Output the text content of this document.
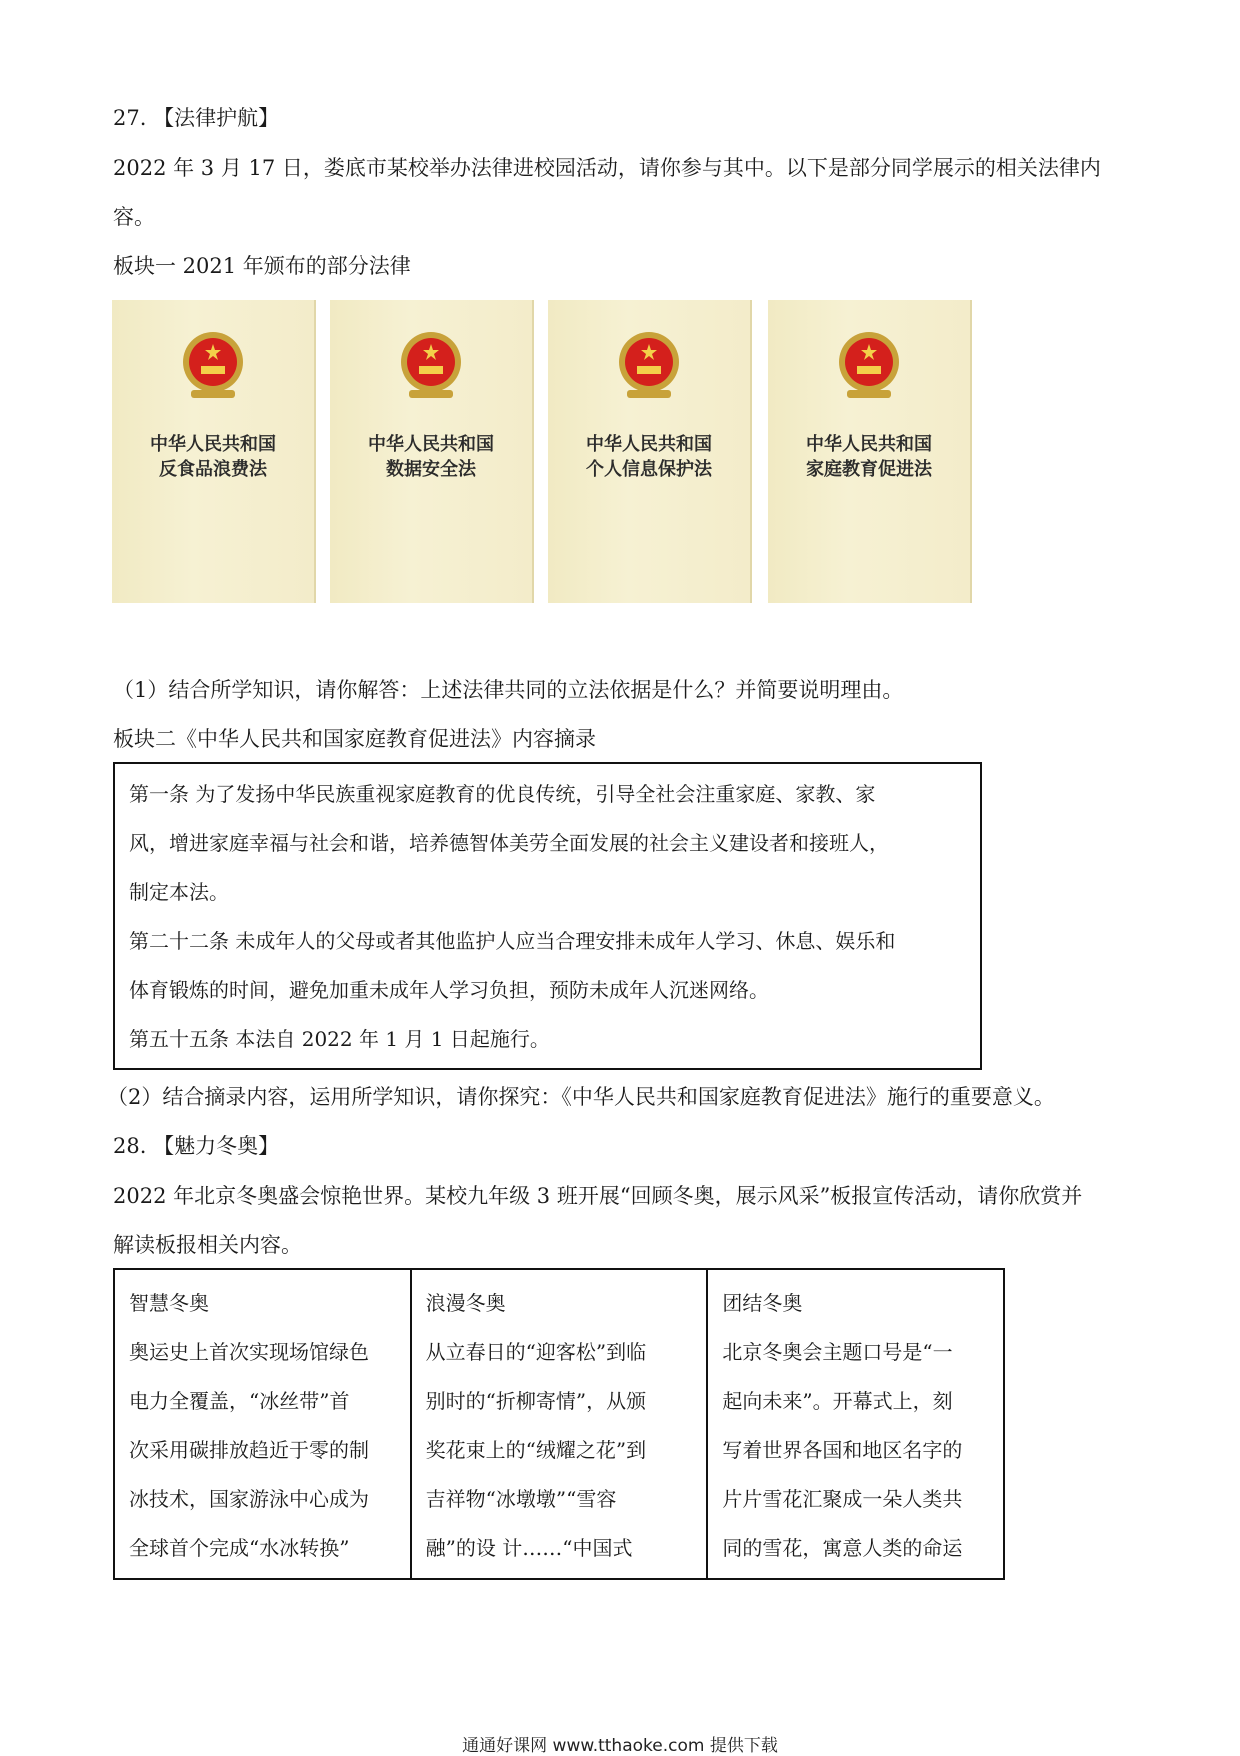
27. 【法律护航】
2022 年 3 月 17 日，娄底市某校举办法律进校园活动，请你参与其中。以下是部分同学展示的相关法律内
容。
板块一 2021 年颁布的部分法律
中华人民共和国
反食品浪费法
中华人民共和国
数据安全法
中华人民共和国
个人信息保护法
中华人民共和国
家庭教育促进法
（1）结合所学知识，请你解答：上述法律共同的立法依据是什么？并简要说明理由。
板块二《中华人民共和国家庭教育促进法》内容摘录
第一条 为了发扬中华民族重视家庭教育的优良传统，引导全社会注重家庭、家教、家
风，增进家庭幸福与社会和谐，培养德智体美劳全面发展的社会主义建设者和接班人，
制定本法。
第二十二条 未成年人的父母或者其他监护人应当合理安排未成年人学习、休息、娱乐和
体育锻炼的时间，避免加重未成年人学习负担，预防未成年人沉迷网络。
第五十五条 本法自 2022 年 1 月 1 日起施行。
（2）结合摘录内容，运用所学知识，请你探究：《中华人民共和国家庭教育促进法》施行的重要意义。
28. 【魅力冬奥】
2022 年北京冬奥盛会惊艳世界。某校九年级 3 班开展“回顾冬奥，展示风采”板报宣传活动，请你欣赏并
解读板报相关内容。
智慧冬奥
奥运史上首次实现场馆绿色
电力全覆盖，“冰丝带”首
次采用碳排放趋近于零的制
冰技术，国家游泳中心成为
全球首个完成“水冰转换”
浪漫冬奥
从立春日的“迎客松”到临
别时的“折柳寄情”，从颁
奖花束上的“绒耀之花”到
吉祥物“冰墩墩”“雪容
融”的设 计……“中国式
团结冬奥
北京冬奥会主题口号是“一
起向未来”。开幕式上，刻
写着世界各国和地区名字的
片片雪花汇聚成一朵人类共
同的雪花，寓意人类的命运
通通好课网 www.tthaoke.com 提供下载
